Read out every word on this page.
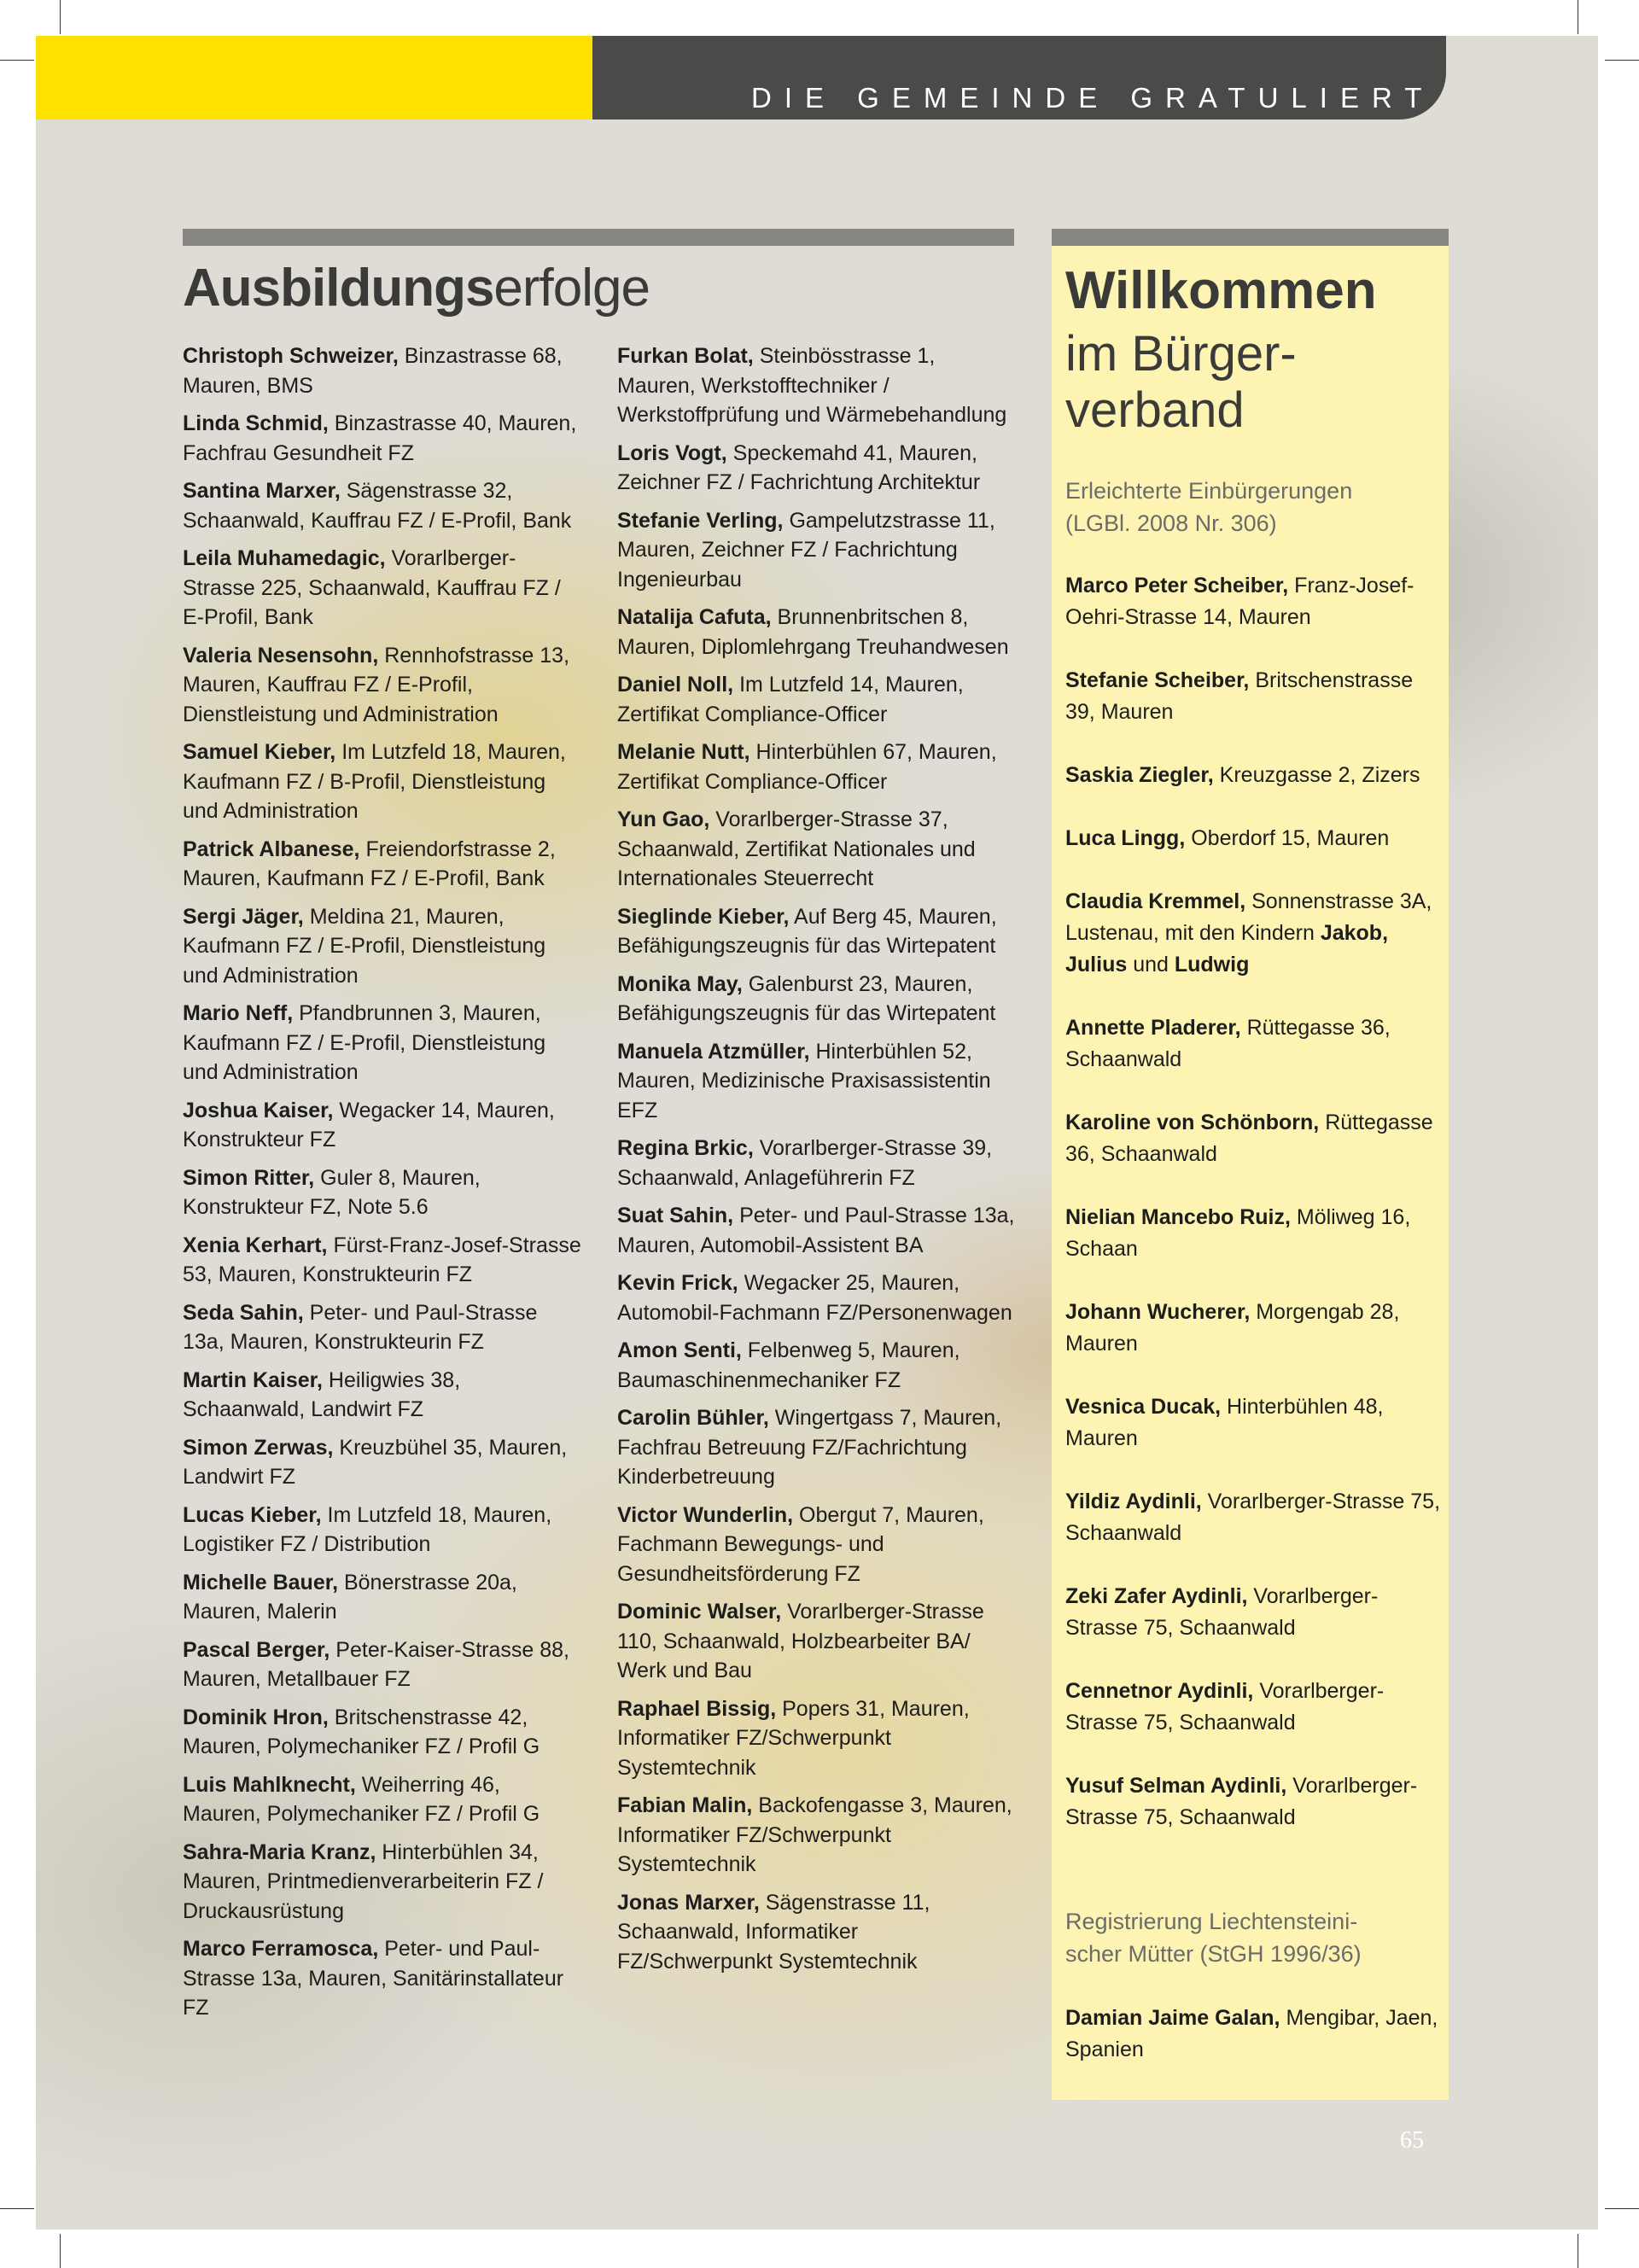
DIE GEMEINDE GRATULIERT
Ausbildungserfolge
Christoph Schweizer, Binzastrasse 68, Mauren, BMS
Linda Schmid, Binzastrasse 40, Mauren, Fachfrau Gesundheit FZ
Santina Marxer, Sägenstrasse 32, Schaanwald, Kauffrau FZ / E-Profil, Bank
Leila Muhamedagic, Vorarlberger-Strasse 225, Schaanwald, Kauffrau FZ / E-Profil, Bank
Valeria Nesensohn, Rennhofstrasse 13, Mauren, Kauffrau FZ / E-Profil, Dienstleistung und Administration
Samuel Kieber, Im Lutzfeld 18, Mauren, Kaufmann FZ / B-Profil, Dienstleistung und Administration
Patrick Albanese, Freiendorfstrasse 2, Mauren, Kaufmann FZ / E-Profil, Bank
Sergi Jäger, Meldina 21, Mauren, Kaufmann FZ / E-Profil, Dienstleistung und Administration
Mario Neff, Pfandbrunnen 3, Mauren, Kaufmann FZ / E-Profil, Dienstleistung und Administration
Joshua Kaiser, Wegacker 14, Mauren, Konstrukteur FZ
Simon Ritter, Guler 8, Mauren, Konstrukteur FZ, Note 5.6
Xenia Kerhart, Fürst-Franz-Josef-Strasse 53, Mauren, Konstrukteurin FZ
Seda Sahin, Peter- und Paul-Strasse 13a, Mauren, Konstrukteurin FZ
Martin Kaiser, Heiligwies 38, Schaanwald, Landwirt FZ
Simon Zerwas, Kreuzbühel 35, Mauren, Landwirt FZ
Lucas Kieber, Im Lutzfeld 18, Mauren, Logistiker FZ / Distribution
Michelle Bauer, Bönerstrasse 20a, Mauren, Malerin
Pascal Berger, Peter-Kaiser-Strasse 88, Mauren, Metallbauer FZ
Dominik Hron, Britschenstrasse 42, Mauren, Polymechaniker FZ / Profil G
Luis Mahlknecht, Weiherring 46, Mauren, Polymechaniker FZ / Profil G
Sahra-Maria Kranz, Hinterbühlen 34, Mauren, Printmedienverarbeiterin FZ / Druckausrüstung
Marco Ferramosca, Peter- und Paul-Strasse 13a, Mauren, Sanitärinstallateur FZ
Furkan Bolat, Steinbösstrasse 1, Mauren, Werkstofftechniker / Werkstoffprüfung und Wärmebehandlung
Loris Vogt, Speckemahd 41, Mauren, Zeichner FZ / Fachrichtung Architektur
Stefanie Verling, Gampelutzstrasse 11, Mauren, Zeichner FZ / Fachrichtung Ingenieurbau
Natalija Cafuta, Brunnenbritschen 8, Mauren, Diplomlehrgang Treuhandwesen
Daniel Noll, Im Lutzfeld 14, Mauren, Zertifikat Compliance-Officer
Melanie Nutt, Hinterbühlen 67, Mauren, Zertifikat Compliance-Officer
Yun Gao, Vorarlberger-Strasse 37, Schaanwald, Zertifikat Nationales und Internationales Steuerrecht
Sieglinde Kieber, Auf Berg 45, Mauren, Befähigungszeugnis für das Wirtepatent
Monika May, Galenburst 23, Mauren, Befähigungszeugnis für das Wirtepatent
Manuela Atzmüller, Hinterbühlen 52, Mauren, Medizinische Praxisassistentin EFZ
Regina Brkic, Vorarlberger-Strasse 39, Schaanwald, Anlageführerin FZ
Suat Sahin, Peter- und Paul-Strasse 13a, Mauren, Automobil-Assistent BA
Kevin Frick, Wegacker 25, Mauren, Automobil-Fachmann FZ/Personenwagen
Amon Senti, Felbenweg 5, Mauren, Baumaschinenmechaniker FZ
Carolin Bühler, Wingertgass 7, Mauren, Fachfrau Betreuung FZ/Fachrichtung Kinderbetreuung
Victor Wunderlin, Obergut 7, Mauren, Fachmann Bewegungs- und Gesundheitsförderung FZ
Dominic Walser, Vorarlberger-Strasse 110, Schaanwald, Holzbearbeiter BA/ Werk und Bau
Raphael Bissig, Popers 31, Mauren, Informatiker FZ/Schwerpunkt Systemtechnik
Fabian Malin, Backofengasse 3, Mauren, Informatiker FZ/Schwerpunkt Systemtechnik
Jonas Marxer, Sägenstrasse 11, Schaanwald, Informatiker FZ/Schwerpunkt Systemtechnik
Willkommen
im Bürger-
verband
Erleichterte Einbürgerungen
(LGBl. 2008 Nr. 306)
Marco Peter Scheiber, Franz-Josef-Oehri-Strasse 14, Mauren
Stefanie Scheiber, Britschenstrasse 39, Mauren
Saskia Ziegler, Kreuzgasse 2, Zizers
Luca Lingg, Oberdorf 15, Mauren
Claudia Kremmel, Sonnenstrasse 3A, Lustenau, mit den Kindern Jakob, Julius und Ludwig
Annette Pladerer, Rüttegasse 36, Schaanwald
Karoline von Schönborn, Rüttegasse 36, Schaanwald
Nielian Mancebo Ruiz, Möliweg 16, Schaan
Johann Wucherer, Morgengab 28, Mauren
Vesnica Ducak, Hinterbühlen 48, Mauren
Yildiz Aydinli, Vorarlberger-Strasse 75, Schaanwald
Zeki Zafer Aydinli, Vorarlberger-Strasse 75, Schaanwald
Cennetnor Aydinli, Vorarlberger-Strasse 75, Schaanwald
Yusuf Selman Aydinli, Vorarlberger-Strasse 75, Schaanwald
Registrierung Liechtensteini-
scher Mütter (StGH 1996/36)
Damian Jaime Galan, Mengibar, Jaen, Spanien
65
